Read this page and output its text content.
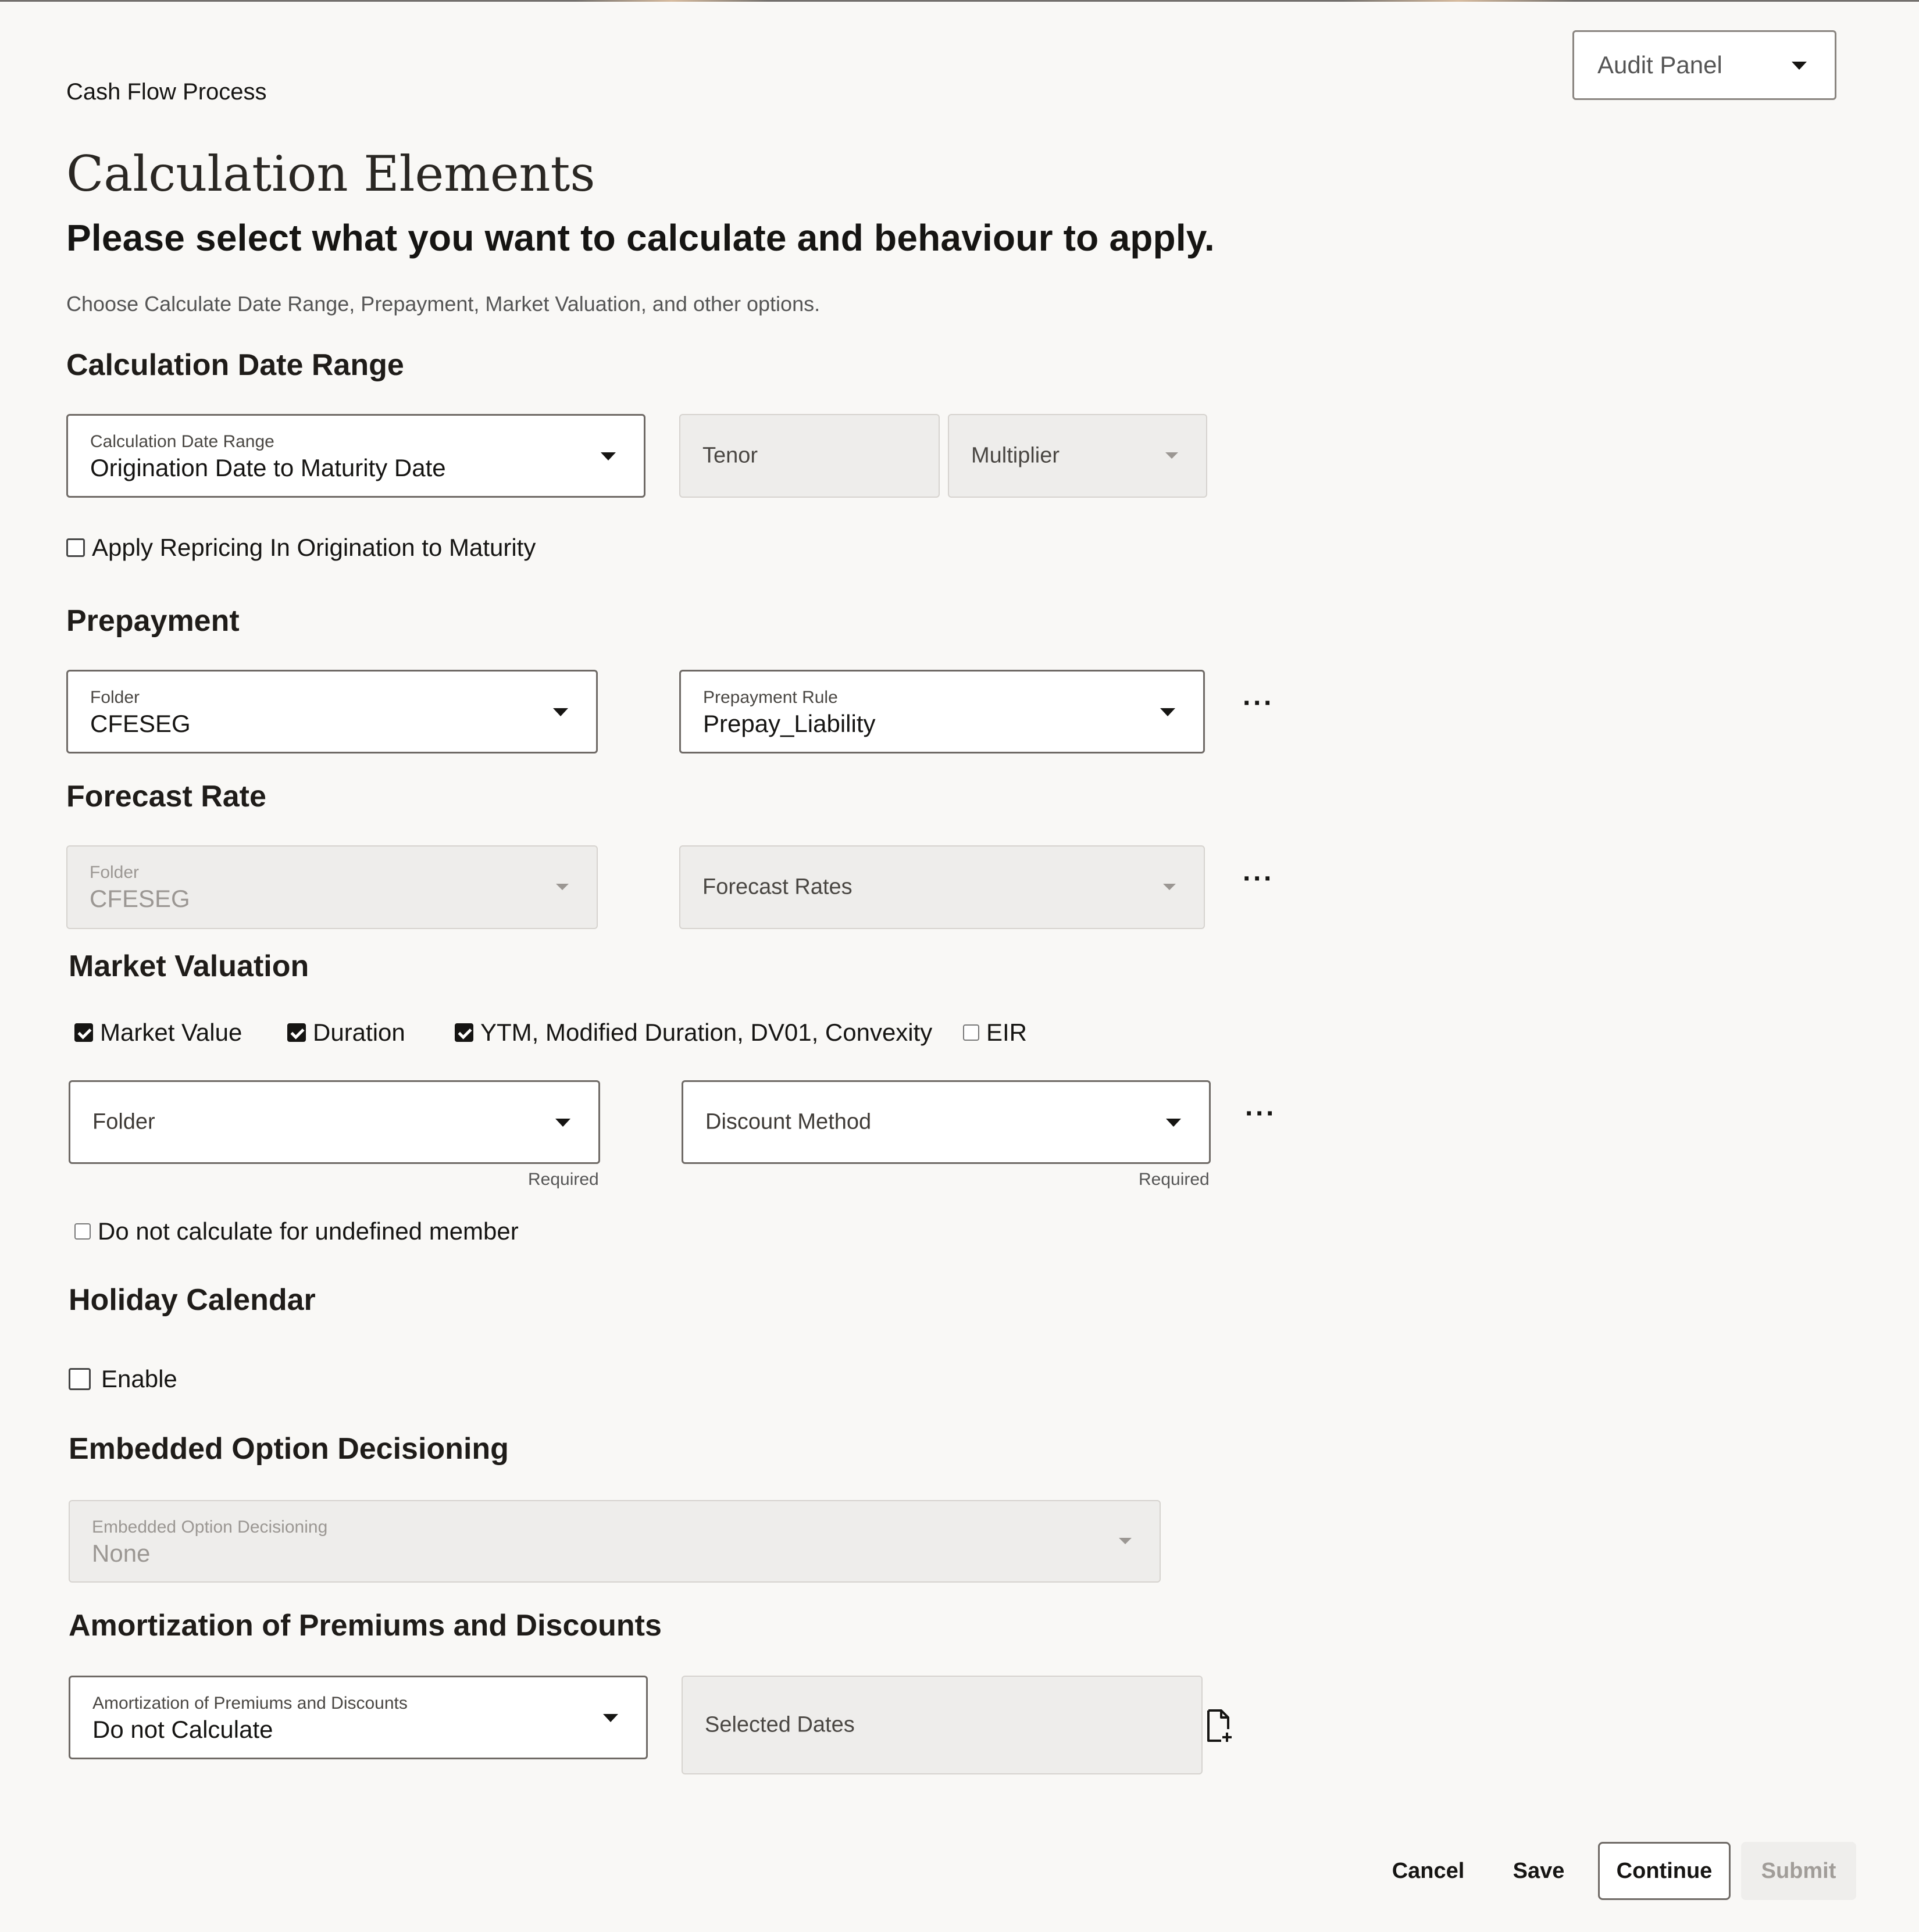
Audit Panel
Cash Flow Process
Calculation Elements
Please select what you want to calculate and behaviour to apply.
Choose Calculate Date Range, Prepayment, Market Valuation, and other options.
Calculation Date Range
Calculation Date Range
Origination Date to Maturity Date	Tenor	Multiplier
Apply Repricing In Origination to Maturity
Prepayment
Folder
CFESEG
Prepayment Rule
Prepay_Liability
···
Forecast Rate
Folder
CFESEG	Forecast Rates	···
Market Valuation
Market Value	Duration	YTM, Modified Duration, DV01, Convexity EIR
Folder
Required
Discount Method
Required
···
Do not calculate for undefined member
Holiday Calendar
Enable
Embedded Option Decisioning
Embedded Option Decisioning
None
Amortization of Premiums and Discounts
Amortization of Premiums and Discounts
Do not Calculate	Selected Dates
Cancel	Save	Continue	Submit
